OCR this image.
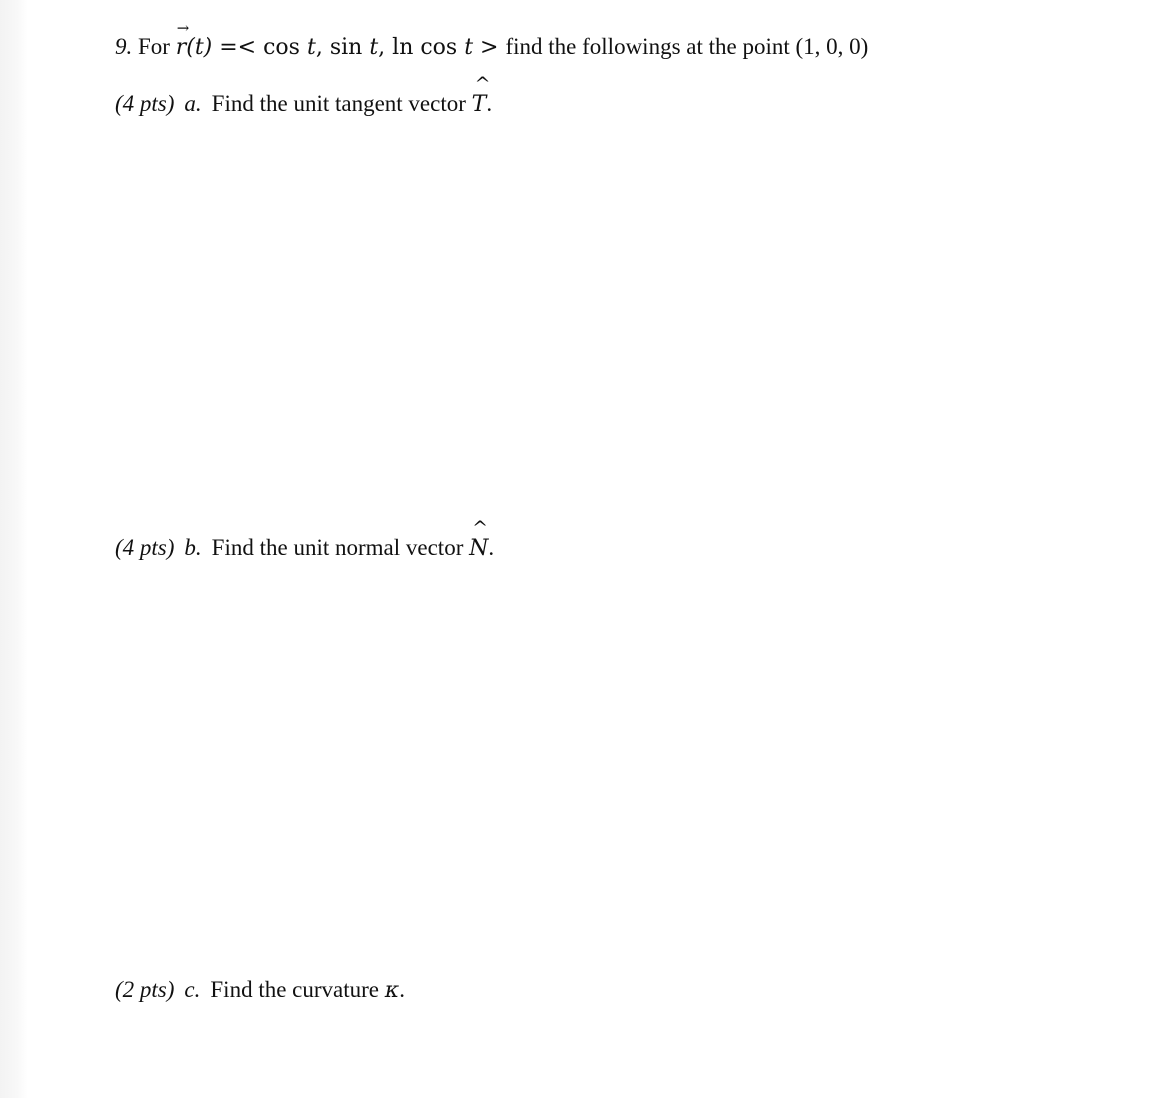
9. For r
→
(t) =< cos t, sin t, ln cos t > find the followings at the point (1, 0, 0)
(4 pts) a. Find the unit tangent vector T
^
.
(4 pts) b. Find the unit normal vector N
^
.
(2 pts) c. Find the curvature κ.
